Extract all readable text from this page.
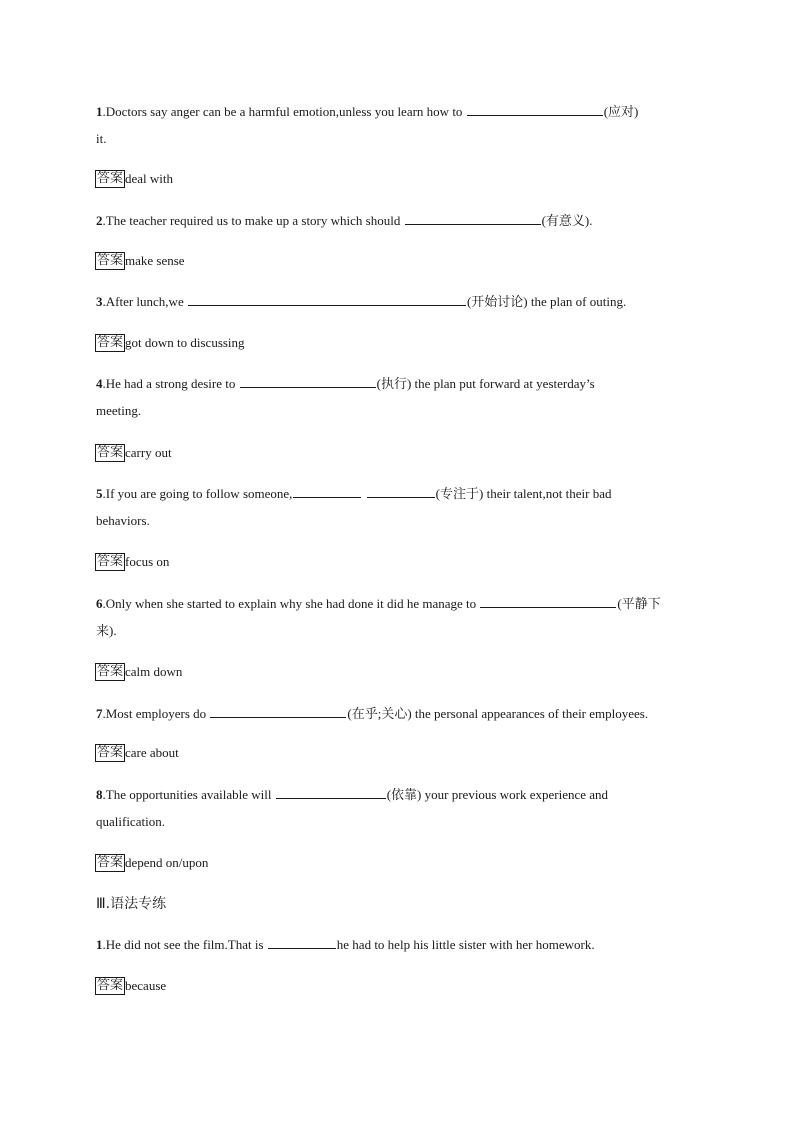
1.Doctors say anger can be a harmful emotion,unless you learn how to	(应对)
it.
答案 deal with
2.The teacher required us to make up a story which should	(有意义).
答案 make sense
3.After lunch,we	(开始讨论) the plan of outing.
答案 got down to discussing
4.He had a strong desire to	(执行) the plan put forward at yesterday’s
meeting.
答案 carry out
5.If you are going to follow someone,	(专注于) their talent,not their bad
behaviors.
答案 focus on
6.Only when she started to explain why she had done it did he manage to	(平静下
来).
答案 calm down
7.Most employers do	(在乎;关心) the personal appearances of their employees.
答案 care about
8.The opportunities available will	(依靠) your previous work experience and
qualification.
答案 depend on/upon
Ⅲ.语法专练
1.He did not see the film.That is	he had to help his little sister with her homework.
答案 because
